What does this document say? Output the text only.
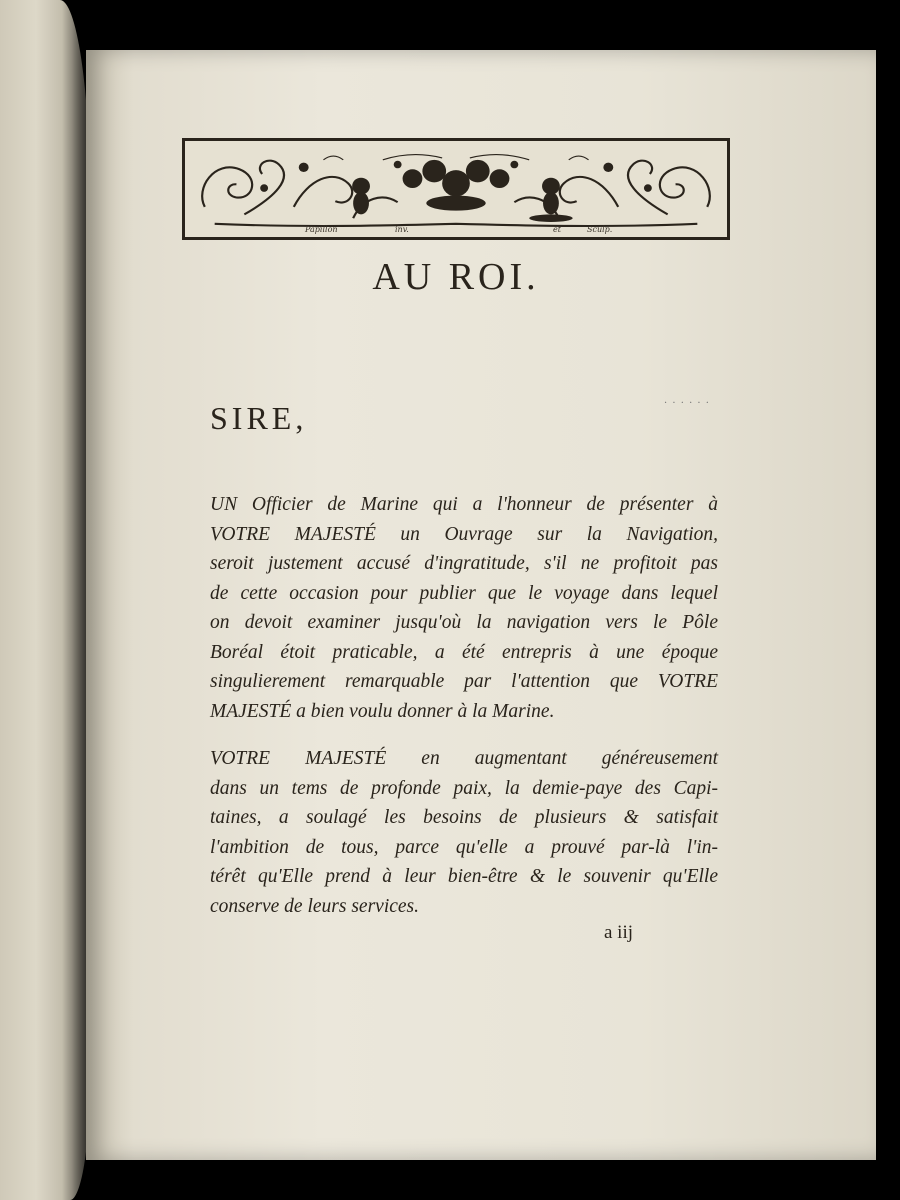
Papillon	inv.	et	Sculp.
AU ROI.
SIRE,	· · · · · ·
UN Officier de Marine qui a l'honneur de présenter à
VOTRE MAJESTÉ un Ouvrage sur la Navigation,
seroit justement accusé d'ingratitude, s'il ne profitoit pas
de cette occasion pour publier que le voyage dans lequel
on devoit examiner jusqu'où la navigation vers le Pôle
Boréal étoit praticable, a été entrepris à une époque
singulierement remarquable par l'attention que VOTRE
MAJESTÉ a bien voulu donner à la Marine.
VOTRE MAJESTÉ en augmentant généreusement
dans un tems de profonde paix, la demie-paye des Capi-
taines, a soulagé les besoins de plusieurs & satisfait
l'ambition de tous, parce qu'elle a prouvé par-là l'in-
térêt qu'Elle prend à leur bien-être & le souvenir qu'Elle
conserve de leurs services.
a iij
